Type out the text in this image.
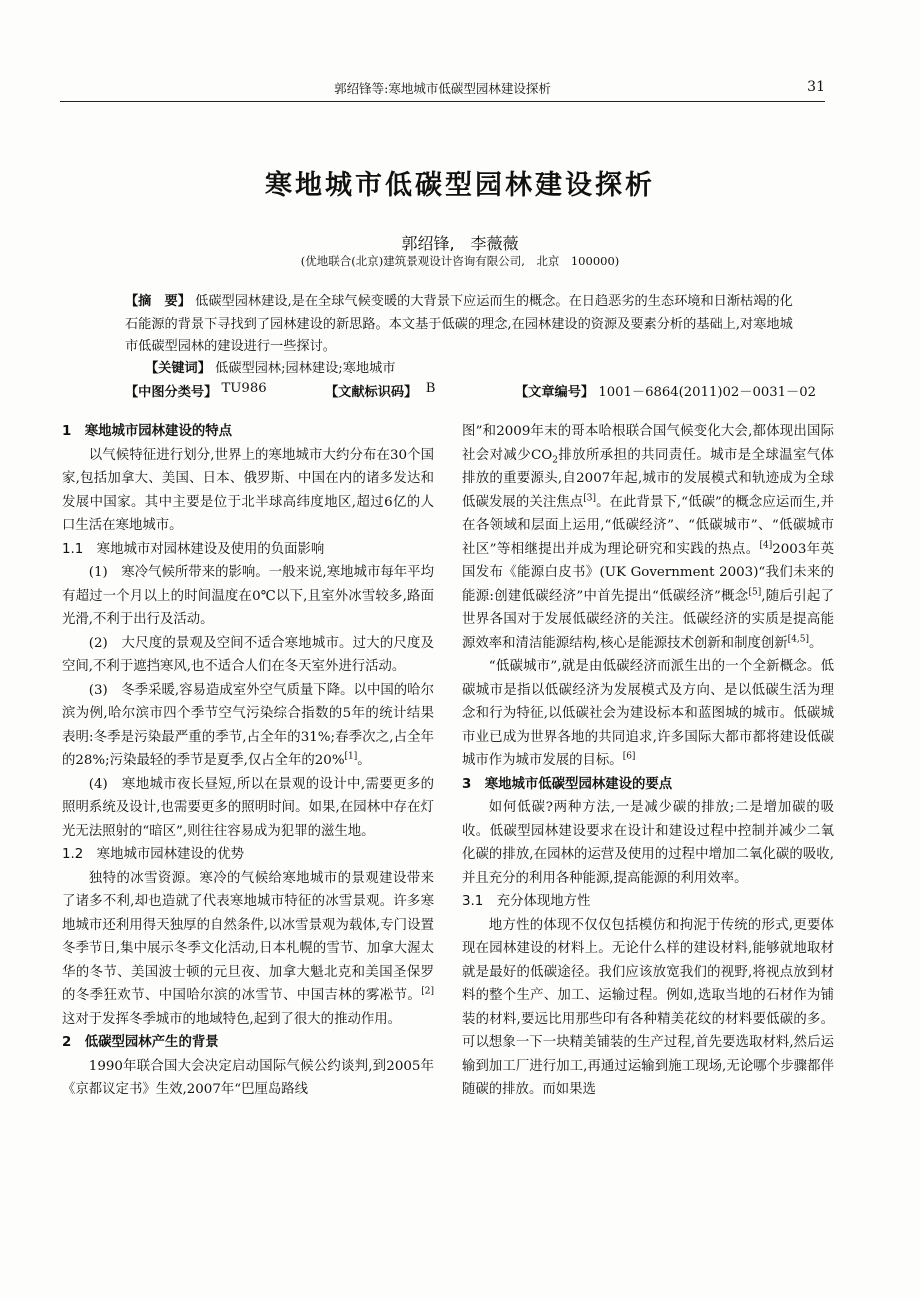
郭绍锋等:寒地城市低碳型园林建设探析	31
寒地城市低碳型园林建设探析
郭绍锋,　李薇薇
(优地联合(北京)建筑景观设计咨询有限公司,　北京　100000)
【摘　要】 低碳型园林建设,是在全球气候变暖的大背景下应运而生的概念。在日趋恶劣的生态环境和日渐枯竭的化石能源的背景下寻找到了园林建设的新思路。本文基于低碳的理念,在园林建设的资源及要素分析的基础上,对寒地城市低碳型园林的建设进行一些探讨。
【关键词】 低碳型园林;园林建设;寒地城市
【中图分类号】 TU986	【文献标识码】 B	【文章编号】 1001－6864(2011)02－0031－02

1　寒地城市园林建设的特点

以气候特征进行划分,世界上的寒地城市大约分布在30个国家,包括加拿大、美国、日本、俄罗斯、中国在内的诸多发达和发展中国家。其中主要是位于北半球高纬度地区,超过6亿的人口生活在寒地城市。

1.1　寒地城市对园林建设及使用的负面影响

(1)　寒冷气候所带来的影响。一般来说,寒地城市每年平均有超过一个月以上的时间温度在0℃以下,且室外冰雪较多,路面光滑,不利于出行及活动。

(2)　大尺度的景观及空间不适合寒地城市。过大的尺度及空间,不利于遮挡寒风,也不适合人们在冬天室外进行活动。

(3)　冬季采暖,容易造成室外空气质量下降。以中国的哈尔滨为例,哈尔滨市四个季节空气污染综合指数的5年的统计结果表明:冬季是污染最严重的季节,占全年的31%;春季次之,占全年的28%;污染最轻的季节是夏季,仅占全年的20%[1]。

(4)　寒地城市夜长昼短,所以在景观的设计中,需要更多的照明系统及设计,也需要更多的照明时间。如果,在园林中存在灯光无法照射的“暗区”,则往往容易成为犯罪的滋生地。

1.2　寒地城市园林建设的优势

独特的冰雪资源。寒冷的气候给寒地城市的景观建设带来了诸多不利,却也造就了代表寒地城市特征的冰雪景观。许多寒地城市还利用得天独厚的自然条件,以冰雪景观为载体,专门设置冬季节日,集中展示冬季文化活动,日本札幌的雪节、加拿大渥太华的冬节、美国波士顿的元旦夜、加拿大魁北克和美国圣保罗的冬季狂欢节、中国哈尔滨的冰雪节、中国吉林的雾凇节。[2]这对于发挥冬季城市的地域特色,起到了很大的推动作用。

2　低碳型园林产生的背景

1990年联合国大会决定启动国际气候公约谈判,到2005年《京都议定书》生效,2007年“巴厘岛路线

图”和2009年末的哥本哈根联合国气候变化大会,都体现出国际社会对减少$CO_2$排放所承担的共同责任。城市是全球温室气体排放的重要源头,自2007年起,城市的发展模式和轨迹成为全球低碳发展的关注焦点[3]。在此背景下,“低碳”的概念应运而生,并在各领域和层面上运用,“低碳经济”、“低碳城市”、“低碳城市社区”等相继提出并成为理论研究和实践的热点。[4]2003年英国发布《能源白皮书》(UK Government 2003)“我们未来的能源:创建低碳经济”中首先提出“低碳经济”概念[5],随后引起了世界各国对于发展低碳经济的关注。低碳经济的实质是提高能源效率和清洁能源结构,核心是能源技术创新和制度创新[4,5]。

“低碳城市”,就是由低碳经济而派生出的一个全新概念。低碳城市是指以低碳经济为发展模式及方向、是以低碳生活为理念和行为特征,以低碳社会为建设标本和蓝图城的城市。低碳城市业已成为世界各地的共同追求,许多国际大都市都将建设低碳城市作为城市发展的目标。[6]

3　寒地城市低碳型园林建设的要点

如何低碳?两种方法,一是减少碳的排放;二是增加碳的吸收。低碳型园林建设要求在设计和建设过程中控制并减少二氧化碳的排放,在园林的运营及使用的过程中增加二氧化碳的吸收,并且充分的利用各种能源,提高能源的利用效率。

3.1　充分体现地方性

地方性的体现不仅仅包括模仿和拘泥于传统的形式,更要体现在园林建设的材料上。无论什么样的建设材料,能够就地取材就是最好的低碳途径。我们应该放宽我们的视野,将视点放到材料的整个生产、加工、运输过程。例如,选取当地的石材作为铺装的材料,要远比用那些印有各种精美花纹的材料要低碳的多。可以想象一下一块精美铺装的生产过程,首先要选取材料,然后运输到加工厂进行加工,再通过运输到施工现场,无论哪个步骤都伴随碳的排放。而如果选
